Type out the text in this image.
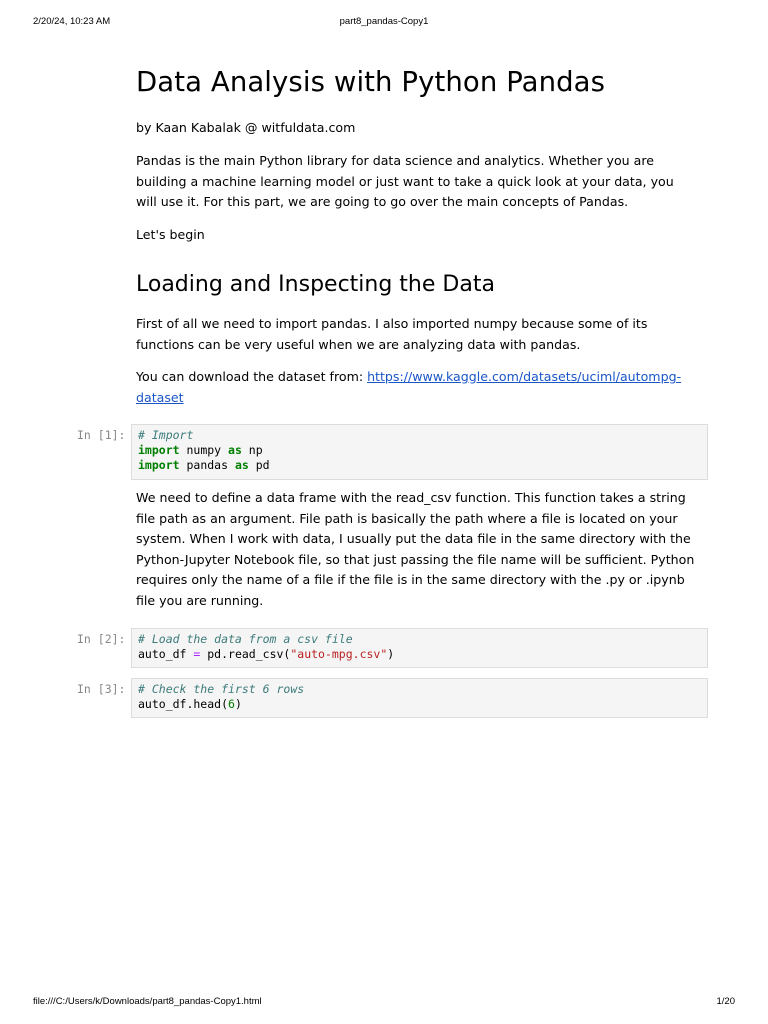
2/20/24, 10:23 AM	part8_pandas-Copy1
Data Analysis with Python Pandas

by Kaan Kabalak @ witfuldata.com

Pandas is the main Python library for data science and analytics. Whether you are building a machine learning model or just want to take a quick look at your data, you will use it. For this part, we are going to go over the main concepts of Pandas.

Let's begin

Loading and Inspecting the Data

First of all we need to import pandas. I also imported numpy because some of its functions can be very useful when we are analyzing data with pandas.

You can download the dataset from: https://www.kaggle.com/datasets/uciml/autompg-dataset

In [1]:	# Import
import numpy as np
import pandas as pd

We need to define a data frame with the read_csv function. This function takes a string file path as an argument. File path is basically the path where a file is located on your system. When I work with data, I usually put the data file in the same directory with the Python-Jupyter Notebook file, so that just passing the file name will be sufficient. Python requires only the name of a file if the file is in the same directory with the .py or .ipynb file you are running.

In [2]:	# Load the data from a csv file
auto_df = pd.read_csv("auto-mpg.csv")
In [3]:	# Check the first 6 rows
auto_df.head(6)
file:///C:/Users/k/Downloads/part8_pandas-Copy1.html	1/20
